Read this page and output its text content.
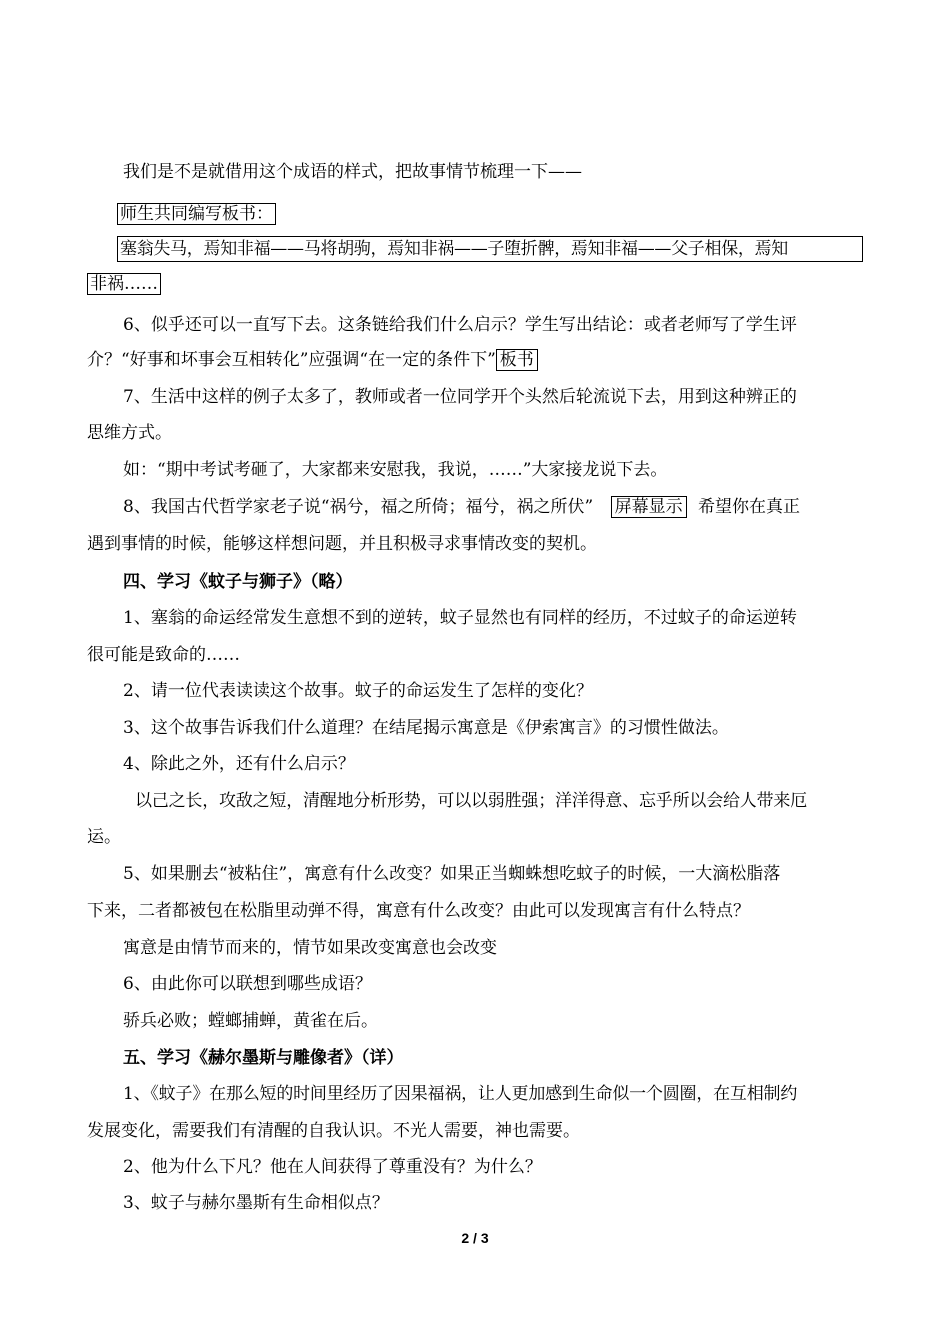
我们是不是就借用这个成语的样式，把故事情节梳理一下——
师生共同编写板书：
塞翁失马，焉知非福——马将胡驹，焉知非祸——子堕折髀，焉知非福——父子相保，焉知
非祸……
6、似乎还可以一直写下去。这条链给我们什么启示？学生写出结论：或者老师写了学生评
介？“好事和坏事会互相转化”应强调“在一定的条件下” 板书
7、生活中这样的例子太多了，教师或者一位同学开个头然后轮流说下去，用到这种辨正的
思维方式。
如：“期中考试考砸了，大家都来安慰我，我说，……”大家接龙说下去。
8、我国古代哲学家老子说“祸兮，福之所倚；福兮，祸之所伏” 屏幕显示 希望你在真正
遇到事情的时候，能够这样想问题，并且积极寻求事情改变的契机。
四、学习《蚊子与狮子》（略）
1、塞翁的命运经常发生意想不到的逆转，蚊子显然也有同样的经历，不过蚊子的命运逆转
很可能是致命的……
2、请一位代表读读这个故事。蚊子的命运发生了怎样的变化？
3、这个故事告诉我们什么道理？在结尾揭示寓意是《伊索寓言》的习惯性做法。
4、除此之外，还有什么启示？
以己之长，攻敌之短，清醒地分析形势，可以以弱胜强；洋洋得意、忘乎所以会给人带来厄
运。
5、如果删去“被粘住”，寓意有什么改变？如果正当蜘蛛想吃蚊子的时候，一大滴松脂落
下来，二者都被包在松脂里动弹不得，寓意有什么改变？由此可以发现寓言有什么特点？
寓意是由情节而来的，情节如果改变寓意也会改变
6、由此你可以联想到哪些成语？
骄兵必败；螳螂捕蝉，黄雀在后。
五、学习《赫尔墨斯与雕像者》（详）
1、《蚊子》在那么短的时间里经历了因果福祸，让人更加感到生命似一个圆圈，在互相制约
发展变化，需要我们有清醒的自我认识。不光人需要，神也需要。
2、他为什么下凡？他在人间获得了尊重没有？为什么？
3、蚊子与赫尔墨斯有生命相似点？
2 / 3
